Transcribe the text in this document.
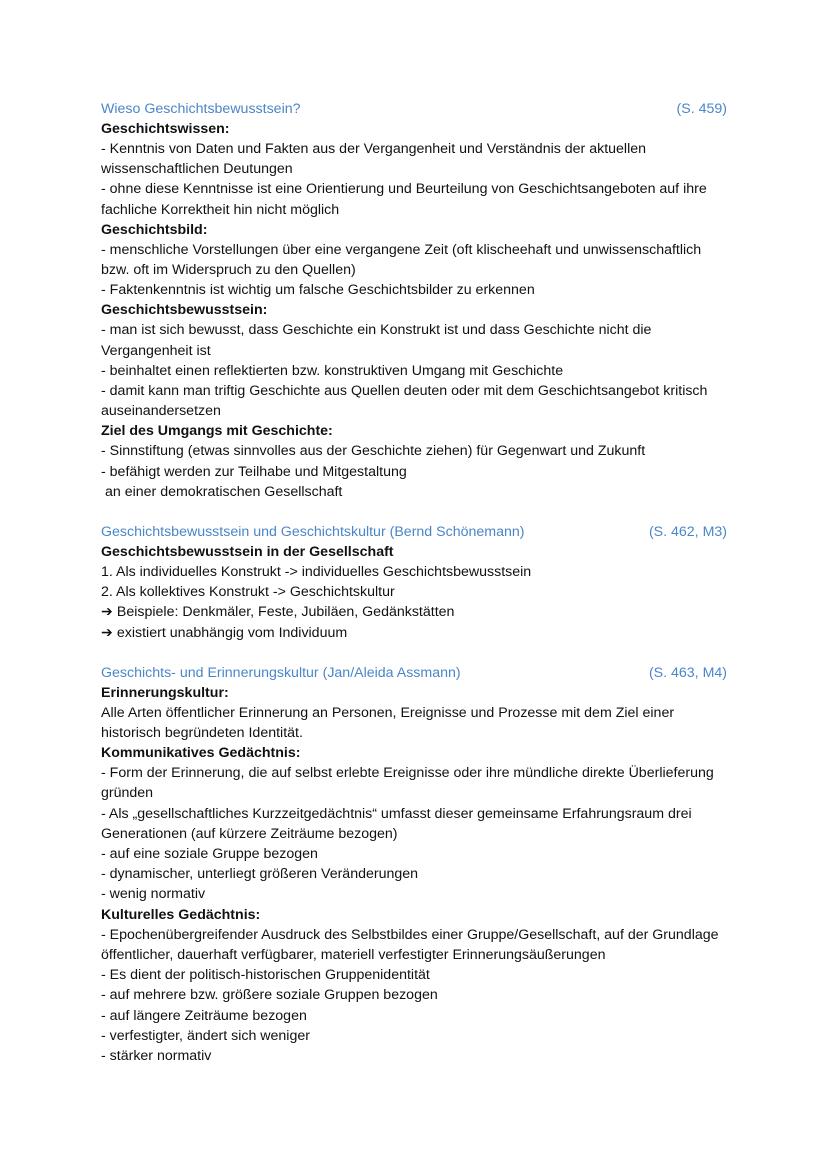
Wieso Geschichtsbewusstsein?	(S. 459)
Geschichtswissen:
- Kenntnis von Daten und Fakten aus der Vergangenheit und Verständnis der aktuellen wissenschaftlichen Deutungen
- ohne diese Kenntnisse ist eine Orientierung und Beurteilung von Geschichtsangeboten auf ihre fachliche Korrektheit hin nicht möglich
Geschichtsbild:
- menschliche Vorstellungen über eine vergangene Zeit (oft klischeehaft und unwissenschaftlich bzw. oft im Widerspruch zu den Quellen)
- Faktenkenntnis ist wichtig um falsche Geschichtsbilder zu erkennen
Geschichtsbewusstsein:
- man ist sich bewusst, dass Geschichte ein Konstrukt ist und dass Geschichte nicht die Vergangenheit ist
- beinhaltet einen reflektierten bzw. konstruktiven Umgang mit Geschichte
- damit kann man triftig Geschichte aus Quellen deuten oder mit dem Geschichtsangebot kritisch auseinandersetzen
Ziel des Umgangs mit Geschichte:
- Sinnstiftung (etwas sinnvolles aus der Geschichte ziehen) für Gegenwart und Zukunft
- befähigt werden zur Teilhabe und Mitgestaltung
an einer demokratischen Gesellschaft
Geschichtsbewusstsein und Geschichtskultur (Bernd Schönemann)	(S. 462, M3)
Geschichtsbewusstsein in der Gesellschaft
1. Als individuelles Konstrukt -> individuelles Geschichtsbewusstsein
2. Als kollektives Konstrukt -> Geschichtskultur
➔ Beispiele: Denkmäler, Feste, Jubiläen, Gedänkstätten
➔ existiert unabhängig vom Individuum
Geschichts- und Erinnerungskultur (Jan/Aleida Assmann)	(S. 463, M4)
Erinnerungskultur:
Alle Arten öffentlicher Erinnerung an Personen, Ereignisse und Prozesse mit dem Ziel einer historisch begründeten Identität.
Kommunikatives Gedächtnis:
- Form der Erinnerung, die auf selbst erlebte Ereignisse oder ihre mündliche direkte Überlieferung gründen
- Als „gesellschaftliches Kurzzeitgedächtnis“ umfasst dieser gemeinsame Erfahrungsraum drei Generationen (auf kürzere Zeiträume bezogen)
- auf eine soziale Gruppe bezogen
- dynamischer, unterliegt größeren Veränderungen
- wenig normativ
Kulturelles Gedächtnis:
- Epochenübergreifender Ausdruck des Selbstbildes einer Gruppe/Gesellschaft, auf der Grundlage öffentlicher, dauerhaft verfügbarer, materiell verfestigter Erinnerungsäußerungen
- Es dient der politisch-historischen Gruppenidentität
- auf mehrere bzw. größere soziale Gruppen bezogen
- auf längere Zeiträume bezogen
- verfestigter, ändert sich weniger
- stärker normativ
